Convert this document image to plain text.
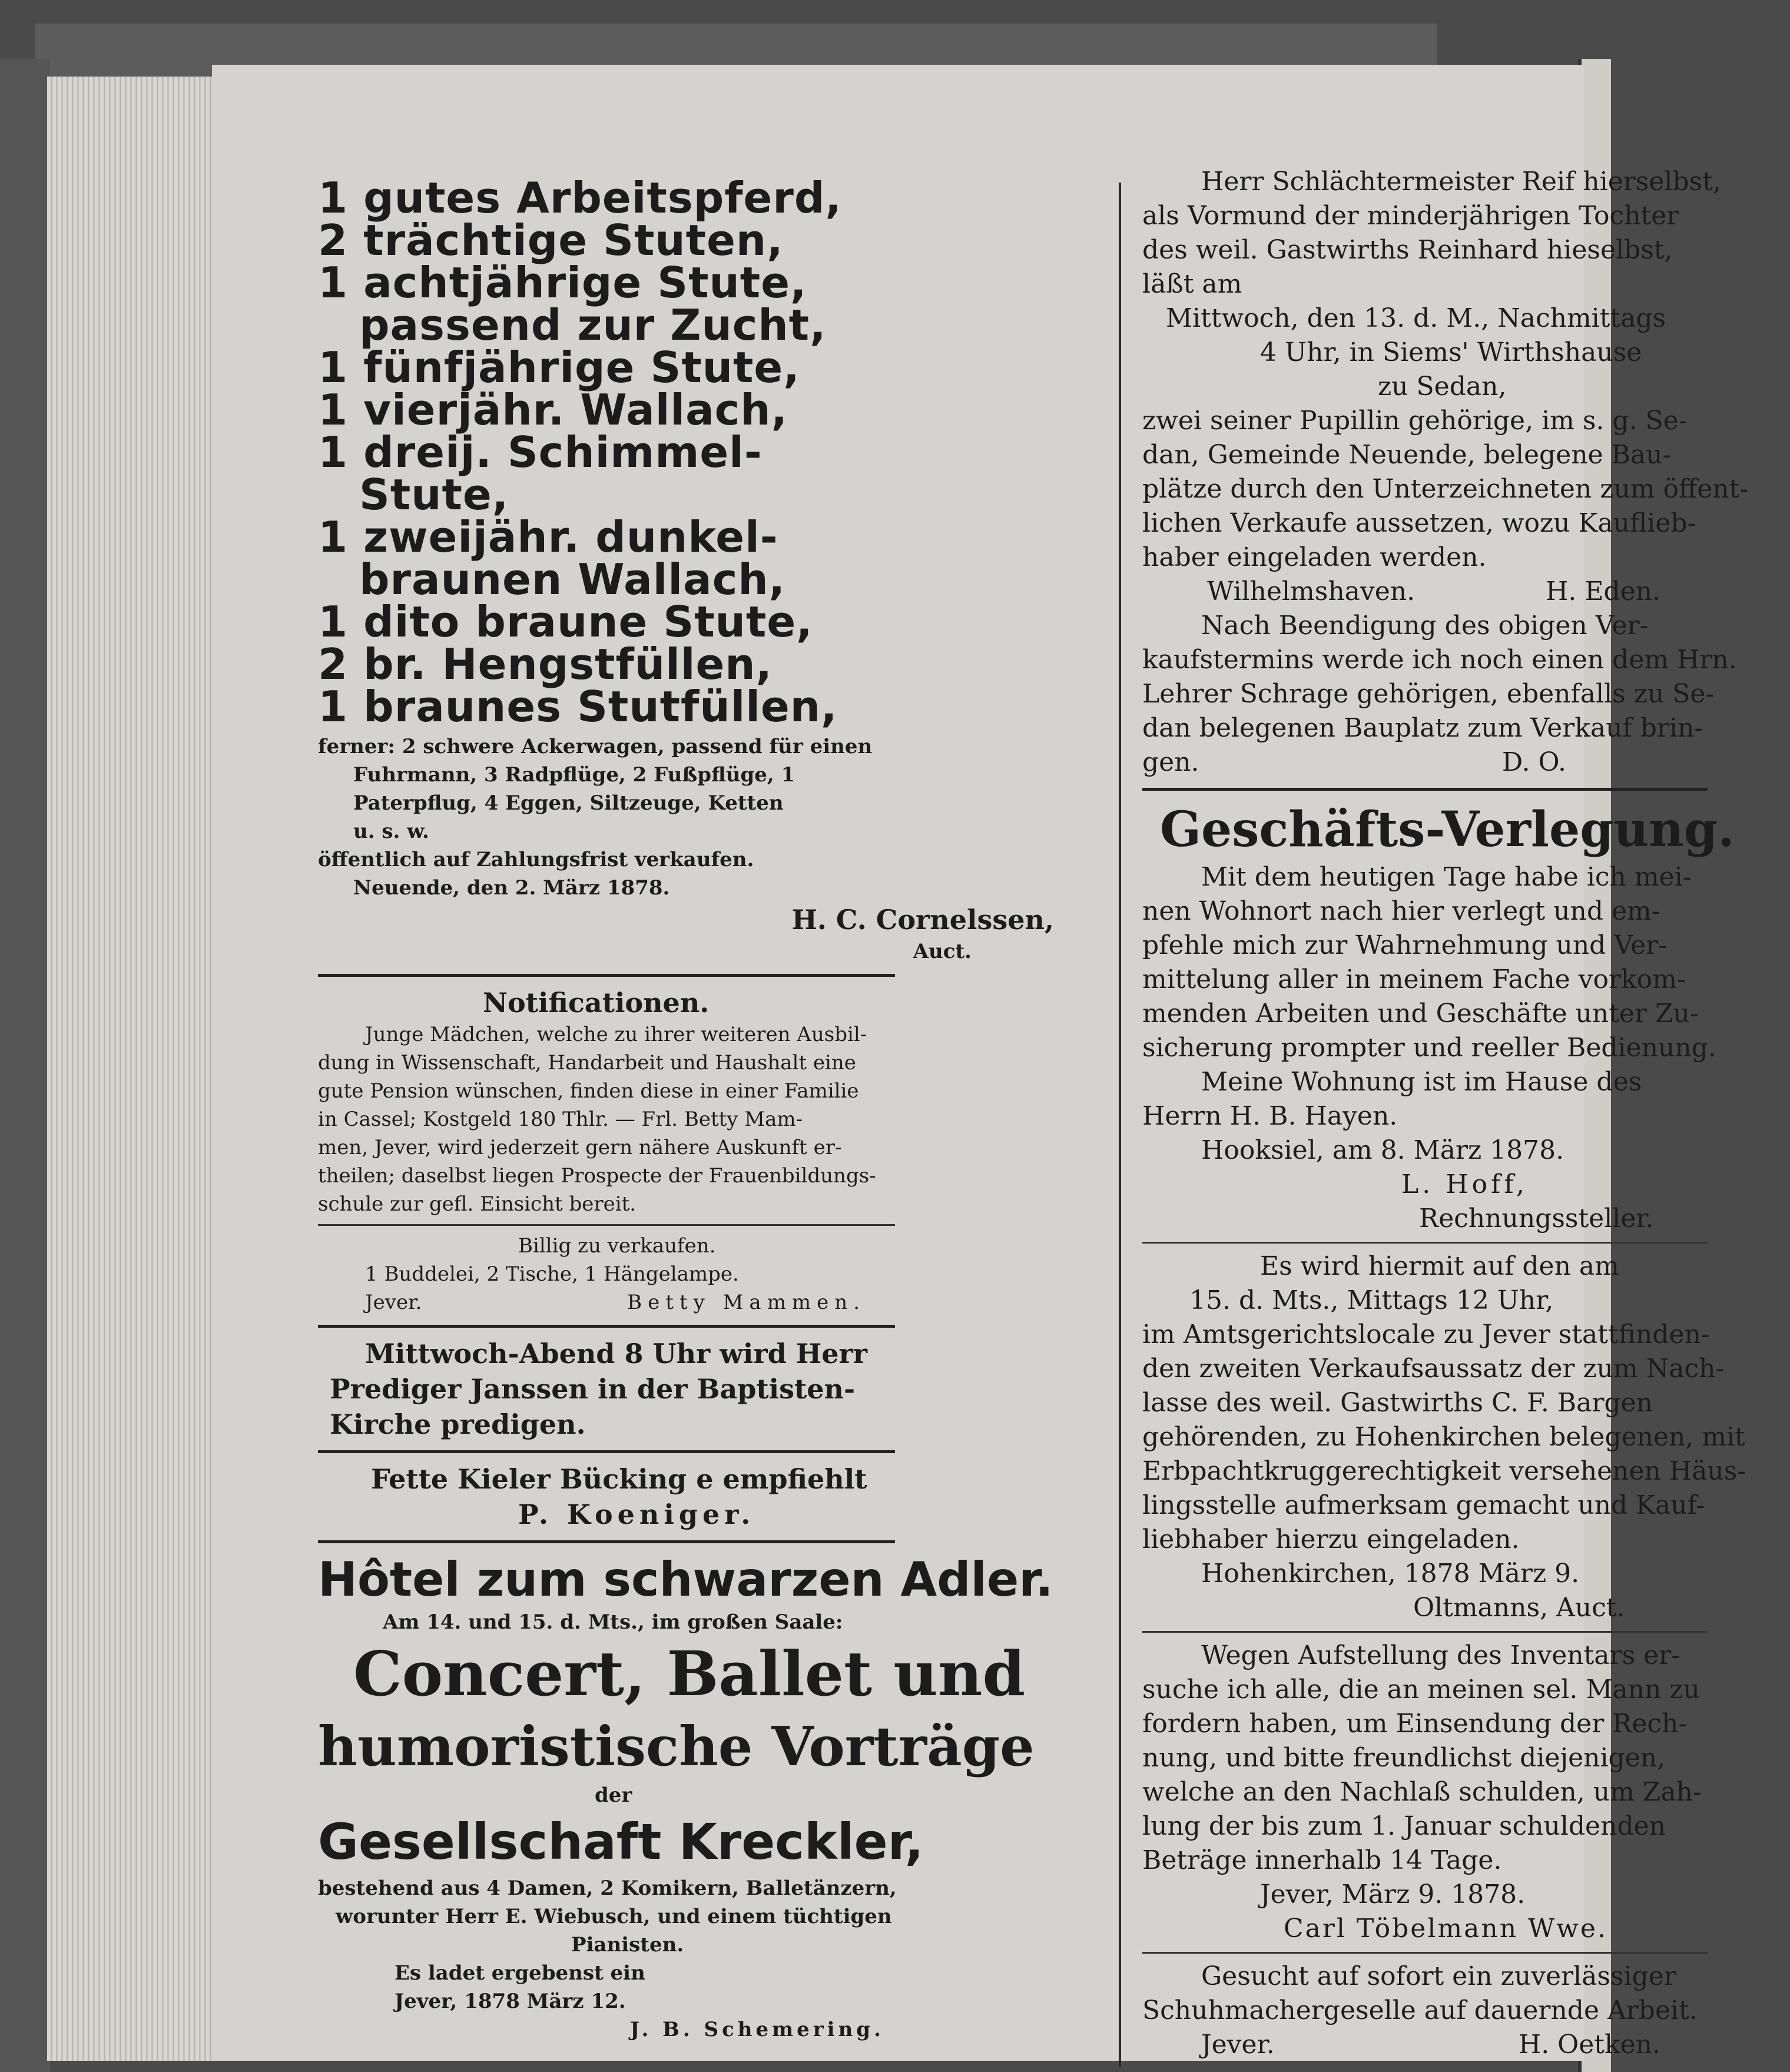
1 gutes Arbeitspferd,
2 trächtige Stuten,
1 achtjährige Stute,
passend zur Zucht,
1 fünfjährige Stute,
1 vierjähr. Wallach,
1 dreij. Schimmel-
Stute,
1 zweijähr. dunkel-
braunen Wallach,
1 dito braune Stute,
2 br. Hengstfüllen,
1 braunes Stutfüllen,
ferner: 2 schwere Ackerwagen, passend für einen
Fuhrmann, 3 Radpflüge, 2 Fußpflüge, 1
Paterpflug, 4 Eggen, Siltzeuge, Ketten
u. s. w.
öffentlich auf Zahlungsfrist verkaufen.
Neuende, den 2. März 1878.
H. C. Cornelssen,
Auct.
Notificationen.
Junge Mädchen, welche zu ihrer weiteren Ausbil-
dung in Wissenschaft, Handarbeit und Haushalt eine
gute Pension wünschen, finden diese in einer Familie
in Cassel; Kostgeld 180 Thlr. — Frl. Betty Mam-
men, Jever, wird jederzeit gern nähere Auskunft er-
theilen; daselbst liegen Prospecte der Frauenbildungs-
schule zur gefl. Einsicht bereit.
Billig zu verkaufen.
1 Buddelei, 2 Tische, 1 Hängelampe.
Jever.	Betty Mammen.
Mittwoch-Abend 8 Uhr wird Herr
Prediger Janssen in der Baptisten-
Kirche predigen.
Fette Kieler Bücking e empfiehlt
P. Koeniger.
Hôtel zum schwarzen Adler.
Am 14. und 15. d. Mts., im großen Saale:
Concert, Ballet und
humoristische Vorträge
der
Gesellschaft Kreckler,
bestehend aus 4 Damen, 2 Komikern, Balletänzern,
worunter Herr E. Wiebusch, und einem tüchtigen
Pianisten.
Es ladet ergebenst ein
Jever, 1878 März 12.
J. B. Schemering.
Herr Schlächtermeister Reif hierselbst,
als Vormund der minderjährigen Tochter
des weil. Gastwirths Reinhard hieselbst,
läßt am
Mittwoch, den 13. d. M., Nachmittags
4 Uhr, in Siems' Wirthshause
zu Sedan,
zwei seiner Pupillin gehörige, im s. g. Se-
dan, Gemeinde Neuende, belegene Bau-
plätze durch den Unterzeichneten zum öffent-
lichen Verkaufe aussetzen, wozu Kauflieb-
haber eingeladen werden.
Wilhelmshaven.	H. Eden.
Nach Beendigung des obigen Ver-
kaufstermins werde ich noch einen dem Hrn.
Lehrer Schrage gehörigen, ebenfalls zu Se-
dan belegenen Bauplatz zum Verkauf brin-
gen.	D. O.
Geschäfts-Verlegung.
Mit dem heutigen Tage habe ich mei-
nen Wohnort nach hier verlegt und em-
pfehle mich zur Wahrnehmung und Ver-
mittelung aller in meinem Fache vorkom-
menden Arbeiten und Geschäfte unter Zu-
sicherung prompter und reeller Bedienung.
Meine Wohnung ist im Hause des
Herrn H. B. Hayen.
Hooksiel, am 8. März 1878.
L. Hoff,
Rechnungssteller.
Es wird hiermit auf den am
15. d. Mts., Mittags 12 Uhr,
im Amtsgerichtslocale zu Jever stattfinden-
den zweiten Verkaufsaussatz der zum Nach-
lasse des weil. Gastwirths C. F. Bargen
gehörenden, zu Hohenkirchen belegenen, mit
Erbpachtkruggerechtigkeit versehenen Häus-
lingsstelle aufmerksam gemacht und Kauf-
liebhaber hierzu eingeladen.
Hohenkirchen, 1878 März 9.
Oltmanns, Auct.
Wegen Aufstellung des Inventars er-
suche ich alle, die an meinen sel. Mann zu
fordern haben, um Einsendung der Rech-
nung, und bitte freundlichst diejenigen,
welche an den Nachlaß schulden, um Zah-
lung der bis zum 1. Januar schuldenden
Beträge innerhalb 14 Tage.
Jever, März 9. 1878.
Carl Töbelmann Wwe.
Gesucht auf sofort ein zuverlässiger
Schuhmachergeselle auf dauernde Arbeit.
Jever.	H. Oetken.
